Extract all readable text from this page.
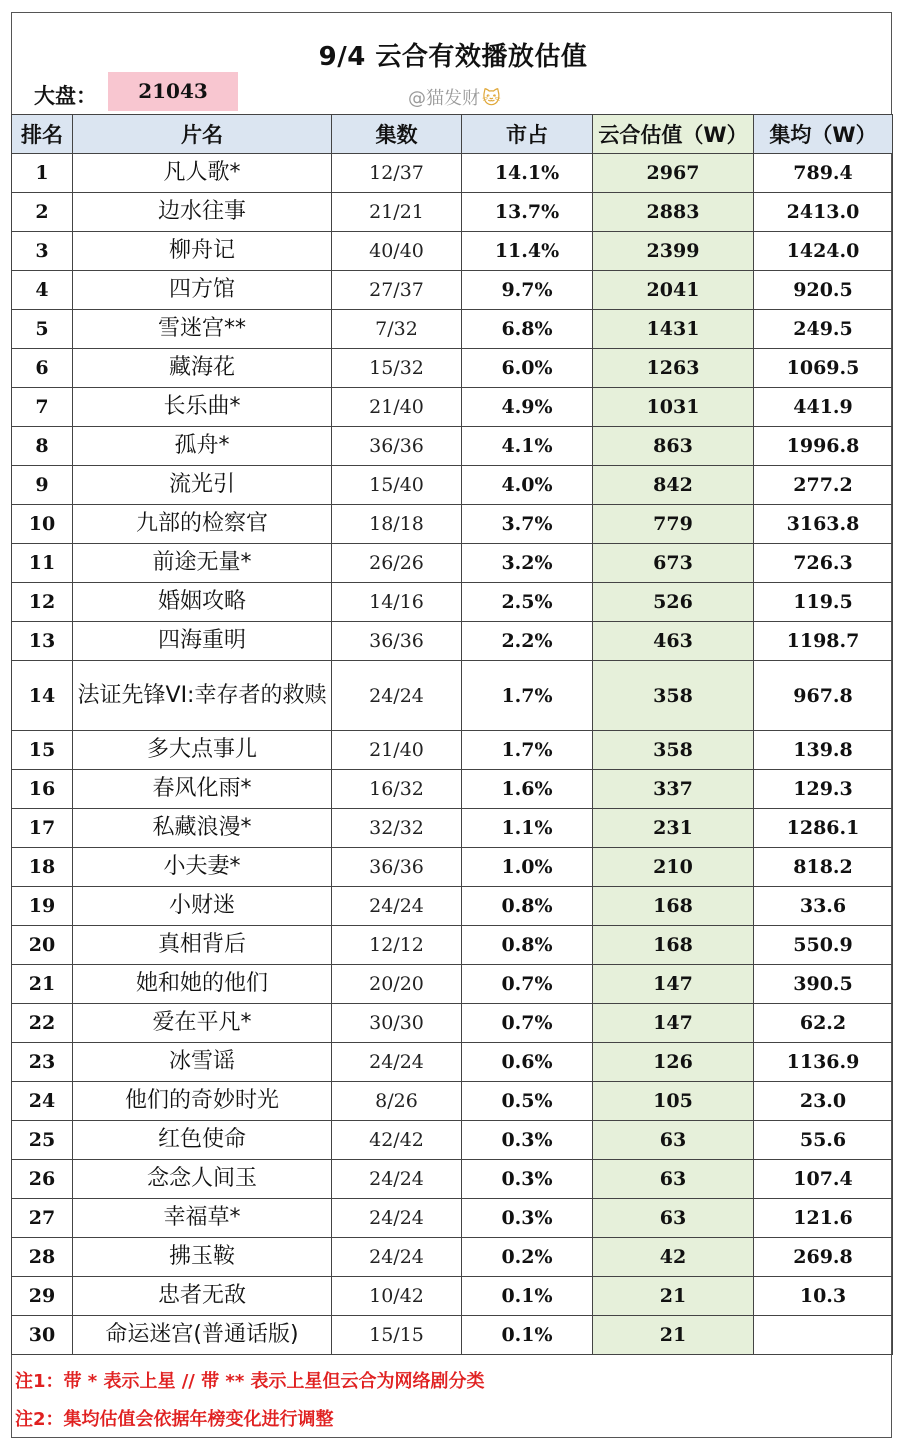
9/4 云合有效播放估值
大盘：	21043	@猫发财 🐱
排名	片名	集数	市占	云合估值（W）	集均（W）
1	凡人歌*	12/37	14.1%	2967	789.4
2	边水往事	21/21	13.7%	2883	2413.0
3	柳舟记	40/40	11.4%	2399	1424.0
4	四方馆	27/37	9.7%	2041	920.5
5	雪迷宫**	7/32	6.8%	1431	249.5
6	藏海花	15/32	6.0%	1263	1069.5
7	长乐曲*	21/40	4.9%	1031	441.9
8	孤舟*	36/36	4.1%	863	1996.8
9	流光引	15/40	4.0%	842	277.2
10	九部的检察官	18/18	3.7%	779	3163.8
11	前途无量*	26/26	3.2%	673	726.3
12	婚姻攻略	14/16	2.5%	526	119.5
13	四海重明	36/36	2.2%	463	1198.7
14	法证先锋VI:幸存者的救赎	24/24	1.7%	358	967.8
15	多大点事儿	21/40	1.7%	358	139.8
16	春风化雨*	16/32	1.6%	337	129.3
17	私藏浪漫*	32/32	1.1%	231	1286.1
18	小夫妻*	36/36	1.0%	210	818.2
19	小财迷	24/24	0.8%	168	33.6
20	真相背后	12/12	0.8%	168	550.9
21	她和她的他们	20/20	0.7%	147	390.5
22	爱在平凡*	30/30	0.7%	147	62.2
23	冰雪谣	24/24	0.6%	126	1136.9
24	他们的奇妙时光	8/26	0.5%	105	23.0
25	红色使命	42/42	0.3%	63	55.6
26	念念人间玉	24/24	0.3%	63	107.4
27	幸福草*	24/24	0.3%	63	121.6
28	拂玉鞍	24/24	0.2%	42	269.8
29	忠者无敌	10/42	0.1%	21	10.3
30	命运迷宫(普通话版)	15/15	0.1%	21	
注1：带 * 表示上星 // 带 ** 表示上星但云合为网络剧分类
注2：集均估值会依据年榜变化进行调整
